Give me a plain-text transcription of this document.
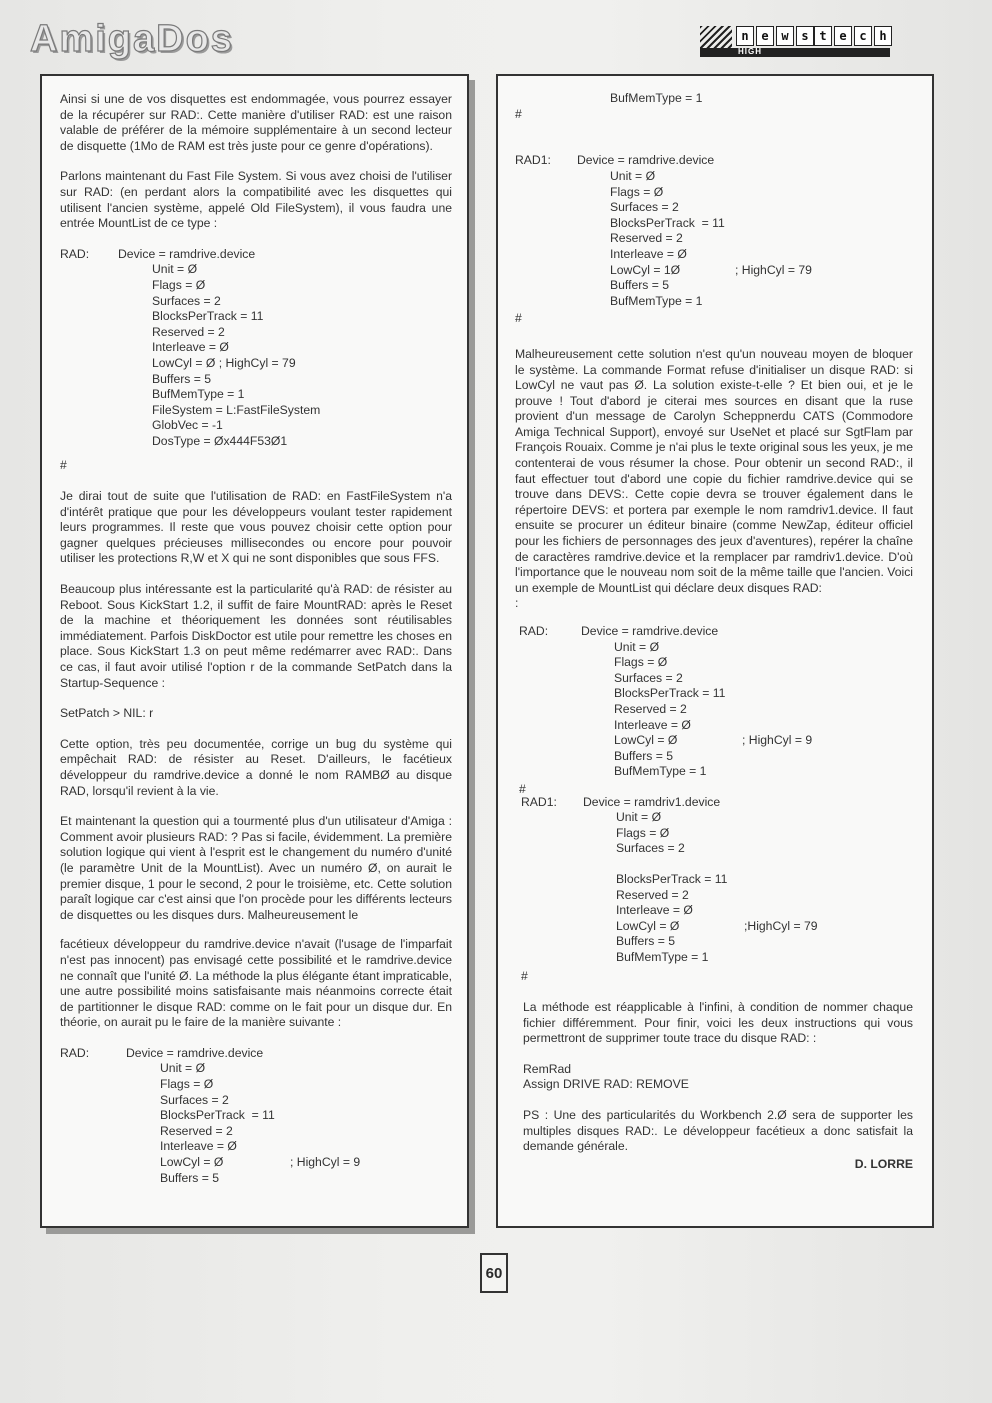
AmigaDos	n	e	w	s t	e	c	h
HIGH

Ainsi si une de vos disquettes est endommagée, vous pourrez essayer de la récupérer sur RAD:. Cette manière d'utiliser RAD: est une raison valable de préférer de la mémoire supplémentaire à un second lecteur de disquette (1Mo de RAM est très juste pour ce genre d'opérations).

Parlons maintenant du Fast File System. Si vous avez choisi de l'utiliser sur RAD: (en perdant alors la compatibilité avec les disquettes qui utilisent l'ancien système, appelé Old FileSystem), il vous faudra une entrée MountList de ce type :

RAD:	Device = ramdrive.device
Unit = Ø
Flags = Ø
Surfaces = 2
BlocksPerTrack = 11
Reserved = 2
Interleave = Ø
LowCyl = Ø ; HighCyl = 79
Buffers = 5
BufMemType = 1
FileSystem = L:FastFileSystem
GlobVec = -1
DosType = Øx444F53Ø1
#

Je dirai tout de suite que l'utilisation de RAD: en FastFileSystem n'a d'intérêt pratique que pour les développeurs voulant tester rapidement leurs programmes. Il reste que vous pouvez choisir cette option pour gagner quelques précieuses millisecondes ou encore pour pouvoir utiliser les protections R,W et X qui ne sont disponibles que sous FFS.

Beaucoup plus intéressante est la particularité qu'à RAD: de résister au Reboot. Sous KickStart 1.2, il suffit de faire MountRAD: après le Reset de la machine et théoriquement les données sont réutilisables immédiatement. Parfois DiskDoctor est utile pour remettre les choses en place. Sous KickStart 1.3 on peut même redémarrer avec RAD:. Dans ce cas, il faut avoir utilisé l'option r de la commande SetPatch dans la Startup-Sequence :

SetPatch > NIL: r

Cette option, très peu documentée, corrige un bug du système qui empêchait RAD: de résister au Reset. D'ailleurs, le facétieux développeur du ramdrive.device a donné le nom RAMBØ au disque RAD, lorsqu'il revient à la vie.

Et maintenant la question qui a tourmenté plus d'un utilisateur d'Amiga : Comment avoir plusieurs RAD: ? Pas si facile, évidemment. La première solution logique qui vient à l'esprit est le changement du numéro d'unité (le paramètre Unit de la MountList). Avec un numéro Ø, on aurait le premier disque, 1 pour le second, 2 pour le troisième, etc. Cette solution paraît logique car c'est ainsi que l'on procède pour les différents lecteurs de disquettes ou les disques durs. Malheureusement le

facétieux développeur du ramdrive.device n'avait (l'usage de l'imparfait n'est pas innocent) pas envisagé cette possibilité et le ramdrive.device ne connaît que l'unité Ø. La méthode la plus élégante étant impraticable, une autre possibilité moins satisfaisante mais néanmoins correcte était de partitionner le disque RAD: comme on le fait pour un disque dur. En théorie, on aurait pu le faire de la manière suivante :

RAD:	Device = ramdrive.device
Unit = Ø
Flags = Ø
Surfaces = 2
BlocksPerTrack  = 11
Reserved = 2
Interleave = Ø
LowCyl = Ø	; HighCyl = 9
Buffers = 5
BufMemType = 1
#
RAD1:	Device = ramdrive.device
Unit = Ø
Flags = Ø
Surfaces = 2
BlocksPerTrack  = 11
Reserved = 2
Interleave = Ø
LowCyl = 1Ø	; HighCyl = 79
Buffers = 5
BufMemType = 1
#

Malheureusement cette solution n'est qu'un nouveau moyen de bloquer le système. La commande Format refuse d'initialiser un disque RAD: si LowCyl ne vaut pas Ø. La solution existe-t-elle ? Et bien oui, et je le prouve ! Tout d'abord je citerai mes sources en disant que la ruse provient d'un message de Carolyn Scheppnerdu CATS (Commodore Amiga Technical Support), envoyé sur UseNet et placé sur SgtFlam par François Rouaix. Comme je n'ai plus le texte original sous les yeux, je me contenterai de vous résumer la chose. Pour obtenir un second RAD:, il faut effectuer tout d'abord une copie du fichier ramdrive.device qui se trouve dans DEVS:. Cette copie devra se trouver également dans le répertoire DEVS: et portera par exemple le nom ramdriv1.device. Il faut ensuite se procurer un éditeur binaire (comme NewZap, éditeur officiel pour les fichiers de personnages des jeux d'aventures), repérer la chaîne de caractères ramdrive.device et la remplacer par ramdriv1.device. D'où l'importance que le nouveau nom soit de la même taille que l'ancien. Voici un exemple de MountList qui déclare deux disques RAD:

:

RAD:	Device = ramdrive.device
Unit = Ø
Flags = Ø
Surfaces = 2
BlocksPerTrack = 11
Reserved = 2
Interleave = Ø
LowCyl = Ø	; HighCyl = 9
Buffers = 5
BufMemType = 1
#
RAD1:	Device = ramdriv1.device
Unit = Ø
Flags = Ø
Surfaces = 2
BlocksPerTrack = 11
Reserved = 2
Interleave = Ø
LowCyl = Ø	;HighCyl = 79
Buffers = 5
BufMemType = 1
#

La méthode est réapplicable à l'infini, à condition de nommer chaque fichier différemment. Pour finir, voici les deux instructions qui vous permettront de supprimer toute trace du disque RAD: :

RemRad

Assign DRIVE RAD: REMOVE

PS : Une des particularités du Workbench 2.Ø sera de supporter les multiples disques RAD:. Le développeur facétieux a donc satisfait la demande générale.

D. LORRE
60
